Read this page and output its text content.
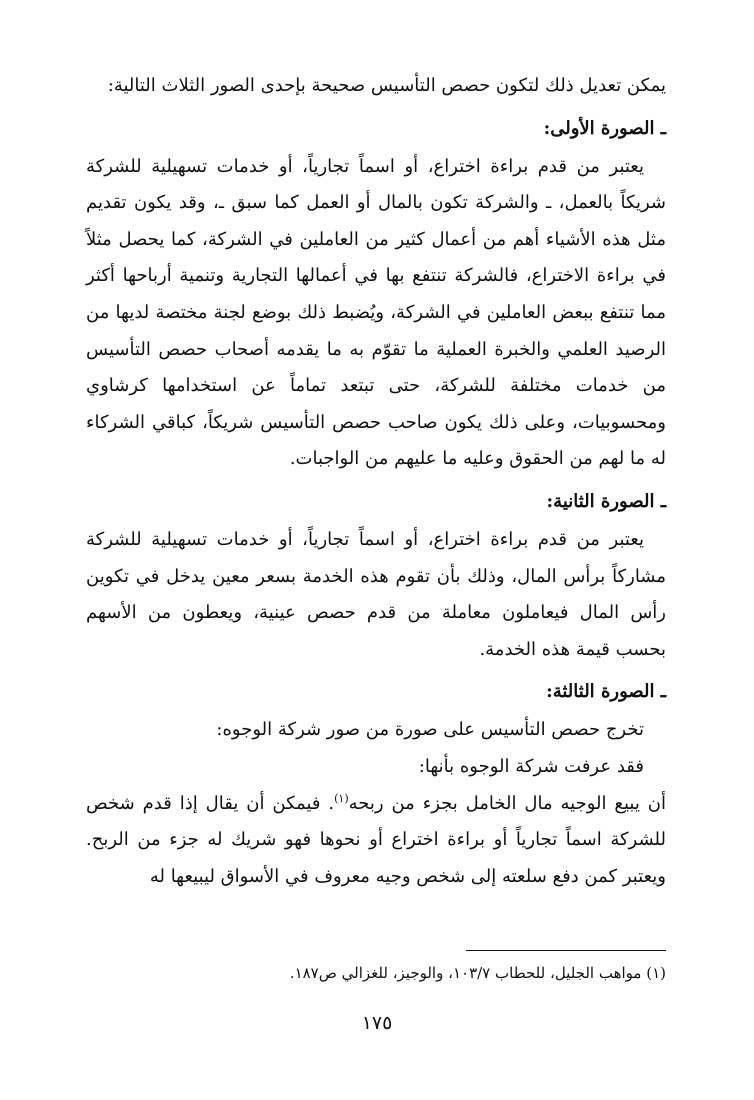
يمكن تعديل ذلك لتكون حصص التأسيس صحيحة بإحدى الصور الثلاث التالية:

ـ الصورة الأولى:

يعتبر من قدم براءة اختراع، أو اسماً تجارياً، أو خدمات تسهيلية للشركة شريكاً بالعمل، ـ والشركة تكون بالمال أو العمل كما سبق ـ، وقد يكون تقديم مثل هذه الأشياء أهم من أعمال كثير من العاملين في الشركة، كما يحصل مثلاً في براءة الاختراع، فالشركة تنتفع بها في أعمالها التجارية وتنمية أرباحها أكثر مما تنتفع ببعض العاملين في الشركة، ويُضبط ذلك بوضع لجنة مختصة لديها من الرصيد العلمي والخبرة العملية ما تقوّم به ما يقدمه أصحاب حصص التأسيس من خدمات مختلفة للشركة، حتى تبتعد تماماً عن استخدامها كرشاوي ومحسوبيات، وعلى ذلك يكون صاحب حصص التأسيس شريكاً، كباقي الشركاء له ما لهم من الحقوق وعليه ما عليهم من الواجبات.

ـ الصورة الثانية:

يعتبر من قدم براءة اختراع، أو اسماً تجارياً، أو خدمات تسهيلية للشركة مشاركاً برأس المال، وذلك بأن تقوم هذه الخدمة بسعر معين يدخل في تكوين رأس المال فيعاملون معاملة من قدم حصص عينية، ويعطون من الأسهم بحسب قيمة هذه الخدمة.

ـ الصورة الثالثة:

تخرج حصص التأسيس على صورة من صور شركة الوجوه:

فقد عرفت شركة الوجوه بأنها:

أن يبيع الوجيه مال الخامل بجزء من ربحه$^{(١)}$. فيمكن أن يقال إذا قدم شخص للشركة اسماً تجارياً أو براءة اختراع أو نحوها فهو شريك له جزء من الربح. ويعتبر كمن دفع سلعته إلى شخص وجيه معروف في الأسواق ليبيعها له

(١) مواهب الجليل، للحطاب ١٠٣/٧، والوجيز، للغزالي ص١٨٧.

١٧٥
